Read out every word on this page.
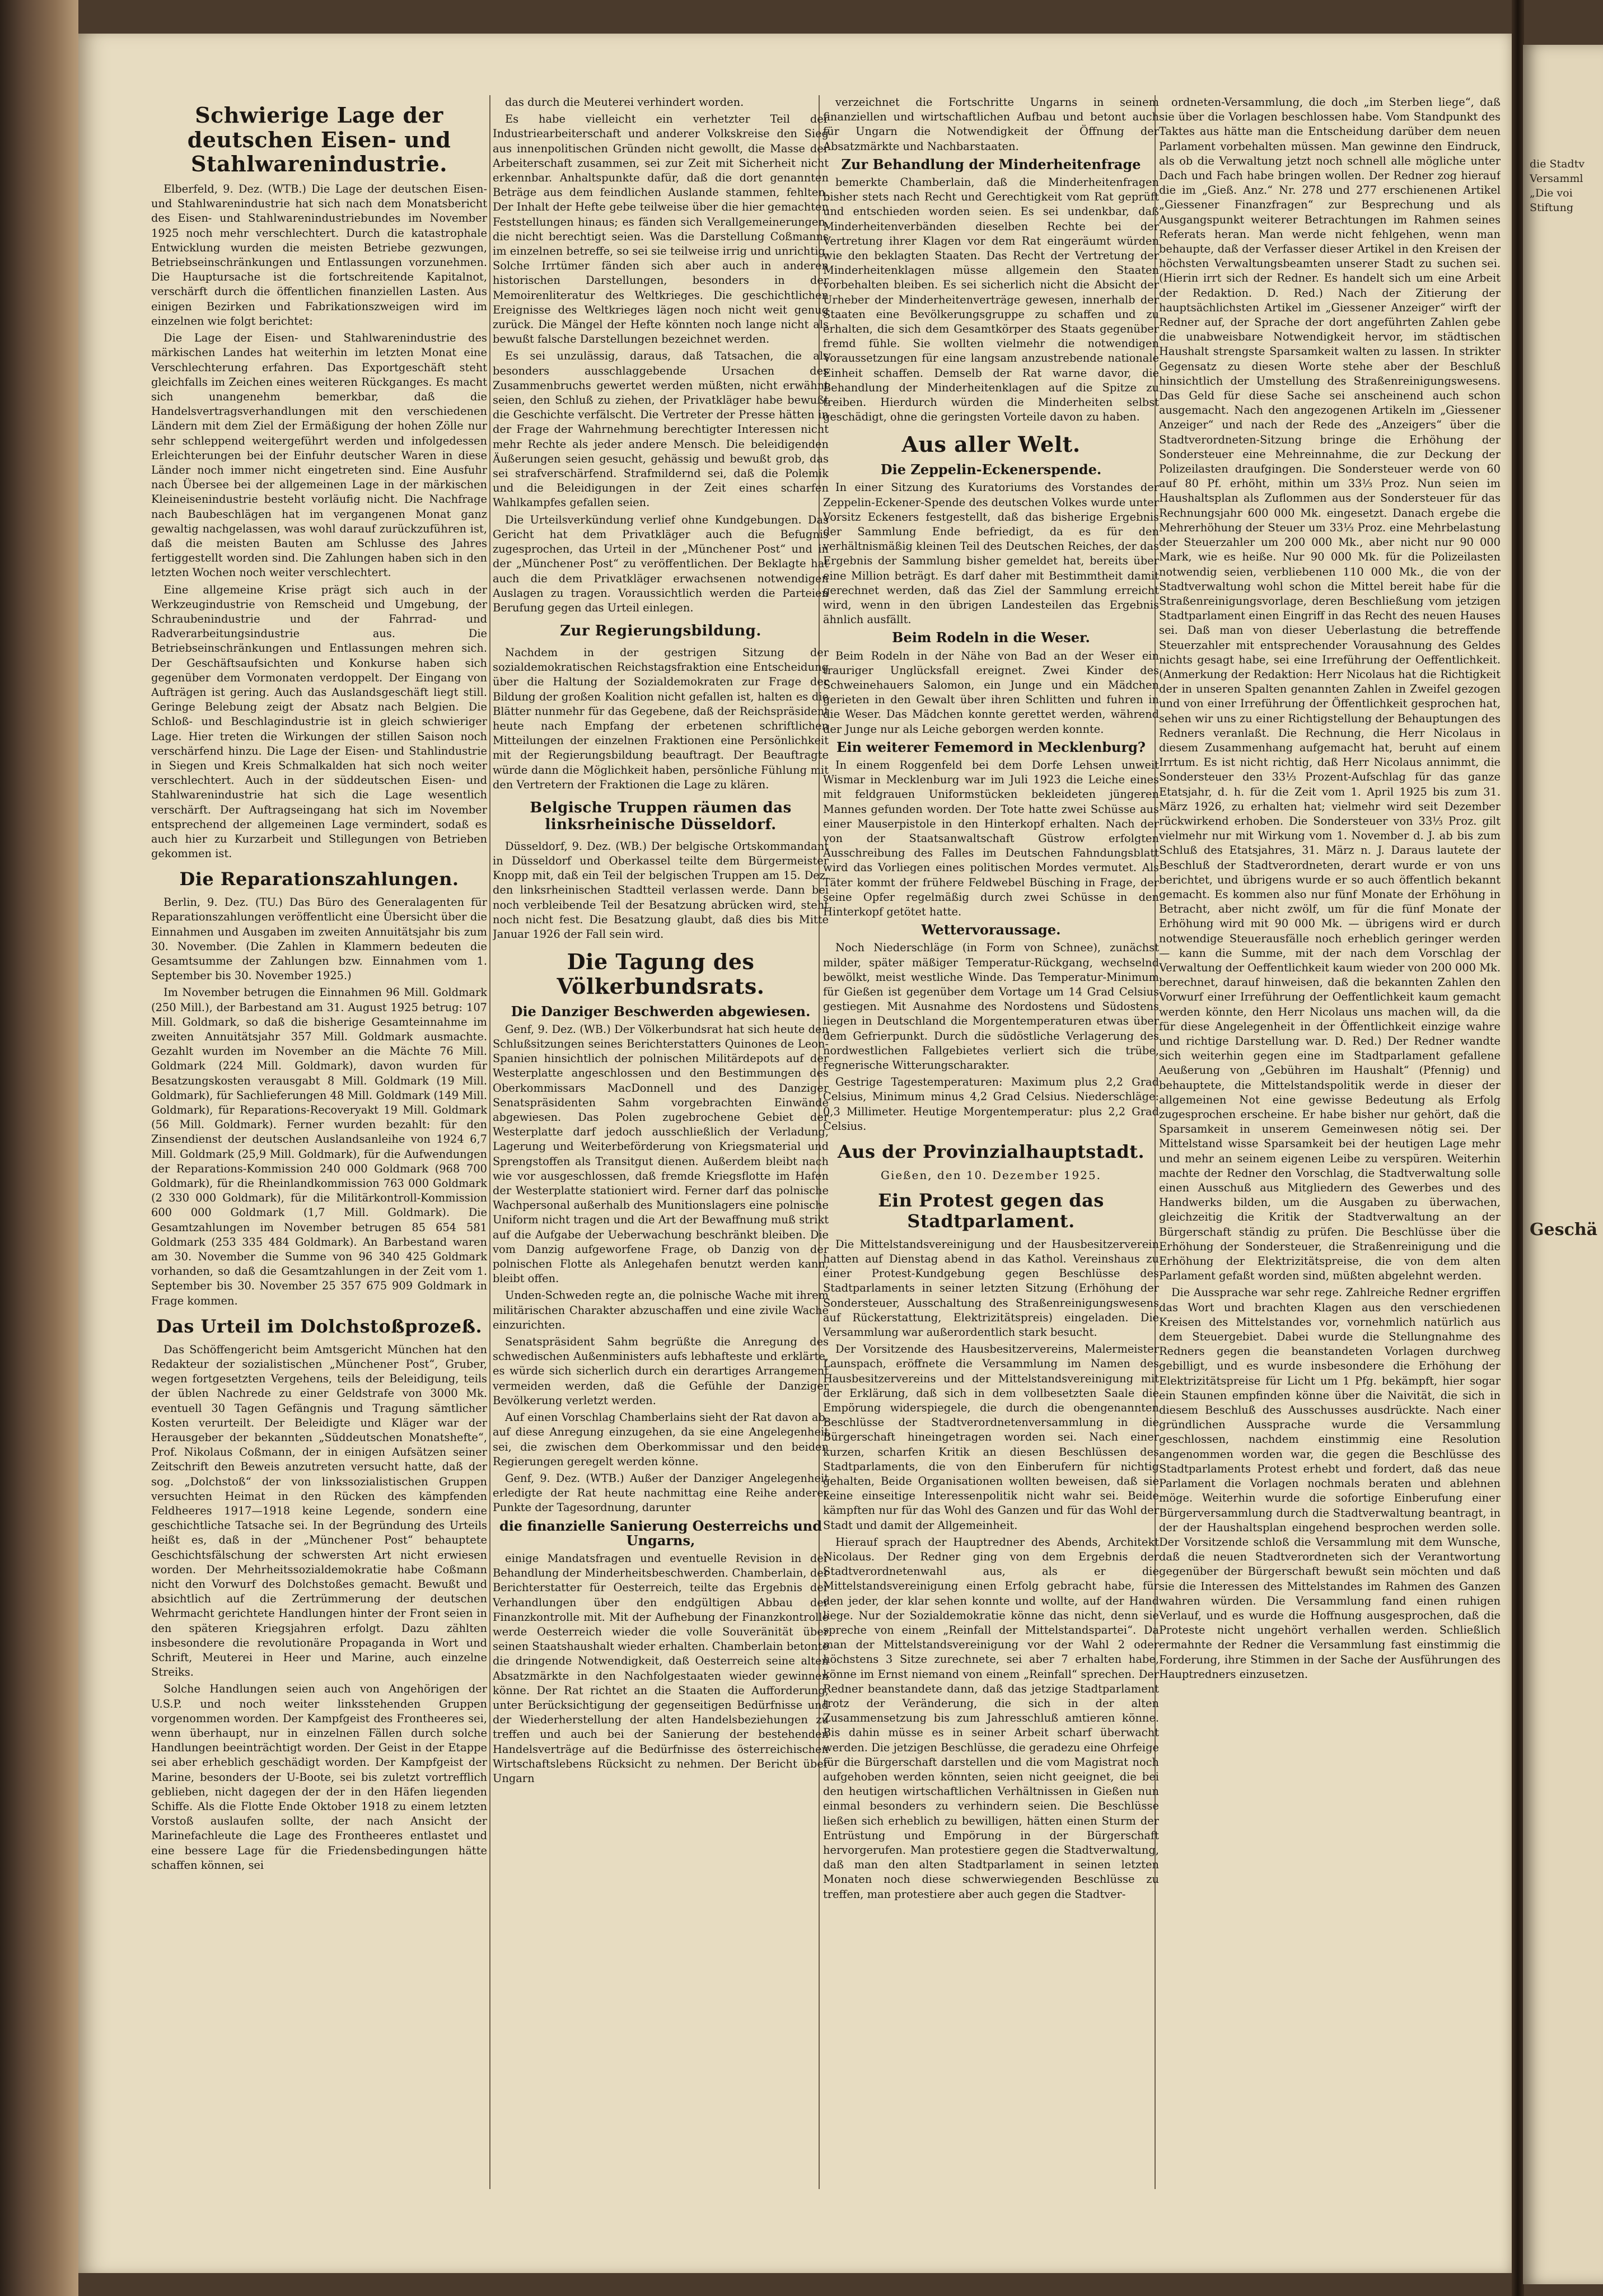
Schwierige Lage der deutschen Eisen- und Stahlwarenindustrie.

Elberfeld, 9. Dez. (WTB.) Die Lage der deutschen Eisen- und Stahlwarenindustrie hat sich nach dem Monatsbericht des Eisen- und Stahlwarenindustriebundes im November 1925 noch mehr verschlechtert. Durch die katastrophale Entwicklung wurden die meisten Betriebe gezwungen, Betriebseinschränkungen und Entlassungen vorzunehmen. Die Hauptursache ist die fortschreitende Kapitalnot, verschärft durch die öffentlichen finanziellen Lasten. Aus einigen Bezirken und Fabrikationszweigen wird im einzelnen wie folgt berichtet:

Die Lage der Eisen- und Stahlwarenindustrie des märkischen Landes hat weiterhin im letzten Monat eine Verschlechterung erfahren. Das Exportgeschäft steht gleichfalls im Zeichen eines weiteren Rückganges. Es macht sich unangenehm bemerkbar, daß die Handelsvertragsverhandlungen mit den verschiedenen Ländern mit dem Ziel der Ermäßigung der hohen Zölle nur sehr schleppend weitergeführt werden und infolgedessen Erleichterungen bei der Einfuhr deutscher Waren in diese Länder noch immer nicht eingetreten sind. Eine Ausfuhr nach Übersee bei der allgemeinen Lage in der märkischen Kleineisenindustrie besteht vorläufig nicht. Die Nachfrage nach Baubeschlägen hat im vergangenen Monat ganz gewaltig nachgelassen, was wohl darauf zurückzuführen ist, daß die meisten Bauten am Schlusse des Jahres fertiggestellt worden sind. Die Zahlungen haben sich in den letzten Wochen noch weiter verschlechtert.

Eine allgemeine Krise prägt sich auch in der Werkzeugindustrie von Remscheid und Umgebung, der Schraubenindustrie und der Fahrrad- und Radverarbeitungsindustrie aus. Die Betriebseinschränkungen und Entlassungen mehren sich. Der Geschäftsaufsichten und Konkurse haben sich gegenüber dem Vormonaten verdoppelt. Der Eingang von Aufträgen ist gering. Auch das Auslandsgeschäft liegt still. Geringe Belebung zeigt der Absatz nach Belgien. Die Schloß- und Beschlagindustrie ist in gleich schwieriger Lage. Hier treten die Wirkungen der stillen Saison noch verschärfend hinzu. Die Lage der Eisen- und Stahlindustrie in Siegen und Kreis Schmalkalden hat sich noch weiter verschlechtert. Auch in der süddeutschen Eisen- und Stahlwarenindustrie hat sich die Lage wesentlich verschärft. Der Auftragseingang hat sich im November entsprechend der allgemeinen Lage vermindert, sodaß es auch hier zu Kurzarbeit und Stillegungen von Betrieben gekommen ist.

Die Reparationszahlungen.

Berlin, 9. Dez. (TU.) Das Büro des Generalagenten für Reparationszahlungen veröffentlicht eine Übersicht über die Einnahmen und Ausgaben im zweiten Annuitätsjahr bis zum 30. November. (Die Zahlen in Klammern bedeuten die Gesamtsumme der Zahlungen bzw. Einnahmen vom 1. September bis 30. November 1925.)

Im November betrugen die Einnahmen 96 Mill. Goldmark (250 Mill.), der Barbestand am 31. August 1925 betrug: 107 Mill. Goldmark, so daß die bisherige Gesamteinnahme im zweiten Annuitätsjahr 357 Mill. Goldmark ausmachte. Gezahlt wurden im November an die Mächte 76 Mill. Goldmark (224 Mill. Goldmark), davon wurden für Besatzungskosten verausgabt 8 Mill. Goldmark (19 Mill. Goldmark), für Sachlieferungen 48 Mill. Goldmark (149 Mill. Goldmark), für Reparations-Recoveryakt 19 Mill. Goldmark (56 Mill. Goldmark). Ferner wurden bezahlt: für den Zinsendienst der deutschen Auslandsanleihe von 1924 6,7 Mill. Goldmark (25,9 Mill. Goldmark), für die Aufwendungen der Reparations-Kommission 240 000 Goldmark (968 700 Goldmark), für die Rheinlandkommission 763 000 Goldmark (2 330 000 Goldmark), für die Militärkontroll-Kommission 600 000 Goldmark (1,7 Mill. Goldmark). Die Gesamtzahlungen im November betrugen 85 654 581 Goldmark (253 335 484 Goldmark). An Barbestand waren am 30. November die Summe von 96 340 425 Goldmark vorhanden, so daß die Gesamtzahlungen in der Zeit vom 1. September bis 30. November 25 357 675 909 Goldmark in Frage kommen.

Das Urteil im Dolchstoßprozeß.

Das Schöffengericht beim Amtsgericht München hat den Redakteur der sozialistischen „Münchener Post“, Gruber, wegen fortgesetzten Vergehens, teils der Beleidigung, teils der üblen Nachrede zu einer Geldstrafe von 3000 Mk. eventuell 30 Tagen Gefängnis und Tragung sämtlicher Kosten verurteilt. Der Beleidigte und Kläger war der Herausgeber der bekannten „Süddeutschen Monatshefte“, Prof. Nikolaus Coßmann, der in einigen Aufsätzen seiner Zeitschrift den Beweis anzutreten versucht hatte, daß der sog. „Dolchstoß“ der von linkssozialistischen Gruppen versuchten Heimat in den Rücken des kämpfenden Feldheeres 1917—1918 keine Legende, sondern eine geschichtliche Tatsache sei. In der Begründung des Urteils heißt es, daß in der „Münchener Post“ behauptete Geschichtsfälschung der schwersten Art nicht erwiesen worden. Der Mehrheitssozialdemokratie habe Coßmann nicht den Vorwurf des Dolchstoßes gemacht. Bewußt und absichtlich auf die Zertrümmerung der deutschen Wehrmacht gerichtete Handlungen hinter der Front seien in den späteren Kriegsjahren erfolgt. Dazu zählten insbesondere die revolutionäre Propaganda in Wort und Schrift, Meuterei in Heer und Marine, auch einzelne Streiks.

Solche Handlungen seien auch von Angehörigen der U.S.P. und noch weiter linksstehenden Gruppen vorgenommen worden. Der Kampfgeist des Frontheeres sei, wenn überhaupt, nur in einzelnen Fällen durch solche Handlungen beeinträchtigt worden. Der Geist in der Etappe sei aber erheblich geschädigt worden. Der Kampfgeist der Marine, besonders der U-Boote, sei bis zuletzt vortrefflich geblieben, nicht dagegen der der in den Häfen liegenden Schiffe. Als die Flotte Ende Oktober 1918 zu einem letzten Vorstoß auslaufen sollte, der nach Ansicht der Marinefachleute die Lage des Frontheeres entlastet und eine bessere Lage für die Friedensbedingungen hätte schaffen können, sei

das durch die Meuterei verhindert worden.

Es habe vielleicht ein verhetzter Teil der Industriearbeiterschaft und anderer Volkskreise den Sieg aus innenpolitischen Gründen nicht gewollt, die Masse der Arbeiterschaft zusammen, sei zur Zeit mit Sicherheit nicht erkennbar. Anhaltspunkte dafür, daß die dort genannten Beträge aus dem feindlichen Auslande stammen, fehlten. Der Inhalt der Hefte gebe teilweise über die hier gemachten Feststellungen hinaus; es fänden sich Verallgemeinerungen, die nicht berechtigt seien. Was die Darstellung Coßmanns im einzelnen betreffe, so sei sie teilweise irrig und unrichtig. Solche Irrtümer fänden sich aber auch in anderen historischen Darstellungen, besonders in der Memoirenliteratur des Weltkrieges. Die geschichtlichen Ereignisse des Weltkrieges lägen noch nicht weit genug zurück. Die Mängel der Hefte könnten noch lange nicht als bewußt falsche Darstellungen bezeichnet werden.

Es sei unzulässig, daraus, daß Tatsachen, die als besonders ausschlaggebende Ursachen des Zusammenbruchs gewertet werden müßten, nicht erwähnt seien, den Schluß zu ziehen, der Privatkläger habe bewußt die Geschichte verfälscht. Die Vertreter der Presse hätten in der Frage der Wahrnehmung berechtigter Interessen nicht mehr Rechte als jeder andere Mensch. Die beleidigenden Äußerungen seien gesucht, gehässig und bewußt grob, das sei strafverschärfend. Strafmildernd sei, daß die Polemik und die Beleidigungen in der Zeit eines scharfen Wahlkampfes gefallen seien.

Die Urteilsverkündung verlief ohne Kundgebungen. Das Gericht hat dem Privatkläger auch die Befugnis zugesprochen, das Urteil in der „Münchener Post“ und in der „Münchener Post“ zu veröffentlichen. Der Beklagte hat auch die dem Privatkläger erwachsenen notwendigen Auslagen zu tragen. Voraussichtlich werden die Parteien Berufung gegen das Urteil einlegen.

Zur Regierungsbildung.

Nachdem in der gestrigen Sitzung der sozialdemokratischen Reichstagsfraktion eine Entscheidung über die Haltung der Sozialdemokraten zur Frage der Bildung der großen Koalition nicht gefallen ist, halten es die Blätter nunmehr für das Gegebene, daß der Reichspräsident heute nach Empfang der erbetenen schriftlichen Mitteilungen der einzelnen Fraktionen eine Persönlichkeit mit der Regierungsbildung beauftragt. Der Beauftragte würde dann die Möglichkeit haben, persönliche Fühlung mit den Vertretern der Fraktionen die Lage zu klären.

Belgische Truppen räumen das linksrheinische Düsseldorf.

Düsseldorf, 9. Dez. (WB.) Der belgische Ortskommandant in Düsseldorf und Oberkassel teilte dem Bürgermeister Knopp mit, daß ein Teil der belgischen Truppen am 15. Dez. den linksrheinischen Stadtteil verlassen werde. Dann bei noch verbleibende Teil der Besatzung abrücken wird, steht noch nicht fest. Die Besatzung glaubt, daß dies bis Mitte Januar 1926 der Fall sein wird.

Die Tagung des Völkerbundsrats.
Die Danziger Beschwerden abgewiesen.

Genf, 9. Dez. (WB.) Der Völkerbundsrat hat sich heute den Schlußsitzungen seines Berichterstatters Quinones de Leon-Spanien hinsichtlich der polnischen Militärdepots auf der Westerplatte angeschlossen und den Bestimmungen des Oberkommissars MacDonnell und des Danziger Senatspräsidenten Sahm vorgebrachten Einwände abgewiesen. Das Polen zugebrochene Gebiet der Westerplatte darf jedoch ausschließlich der Verladung, Lagerung und Weiterbeförderung von Kriegsmaterial und Sprengstoffen als Transitgut dienen. Außerdem bleibt nach wie vor ausgeschlossen, daß fremde Kriegsflotte im Hafen der Westerplatte stationiert wird. Ferner darf das polnische Wachpersonal außerhalb des Munitionslagers eine polnische Uniform nicht tragen und die Art der Bewaffnung muß strikt auf die Aufgabe der Ueberwachung beschränkt bleiben. Die vom Danzig aufgeworfene Frage, ob Danzig von der polnischen Flotte als Anlegehafen benutzt werden kann, bleibt offen.

Unden-Schweden regte an, die polnische Wache mit ihrem militärischen Charakter abzuschaffen und eine zivile Wache einzurichten.

Senatspräsident Sahm begrüßte die Anregung des schwedischen Außenministers aufs lebhafteste und erklärte, es würde sich sicherlich durch ein derartiges Arrangement vermeiden werden, daß die Gefühle der Danziger Bevölkerung verletzt werden.

Auf einen Vorschlag Chamberlains sieht der Rat davon ab, auf diese Anregung einzugehen, da sie eine Angelegenheit sei, die zwischen dem Oberkommissar und den beiden Regierungen geregelt werden könne.

Genf, 9. Dez. (WTB.) Außer der Danziger Angelegenheit erledigte der Rat heute nachmittag eine Reihe anderer Punkte der Tagesordnung, darunter

die finanzielle Sanierung Oesterreichs und Ungarns,

einige Mandatsfragen und eventuelle Revision in der Behandlung der Minderheitsbeschwerden. Chamberlain, der Berichterstatter für Oesterreich, teilte das Ergebnis der Verhandlungen über den endgültigen Abbau der Finanzkontrolle mit. Mit der Aufhebung der Finanzkontrolle werde Oesterreich wieder die volle Souveränität über seinen Staatshaushalt wieder erhalten. Chamberlain betonte die dringende Notwendigkeit, daß Oesterreich seine alten Absatzmärkte in den Nachfolgestaaten wieder gewinnen könne. Der Rat richtet an die Staaten die Aufforderung, unter Berücksichtigung der gegenseitigen Bedürfnisse und der Wiederherstellung der alten Handelsbeziehungen zu treffen und auch bei der Sanierung der bestehenden Handelsverträge auf die Bedürfnisse des österreichischen Wirtschaftslebens Rücksicht zu nehmen. Der Bericht über Ungarn

verzeichnet die Fortschritte Ungarns in seinem finanziellen und wirtschaftlichen Aufbau und betont auch für Ungarn die Notwendigkeit der Öffnung der Absatzmärkte und Nachbarstaaten.

Zur Behandlung der Minderheitenfrage

bemerkte Chamberlain, daß die Minderheitenfragen bisher stets nach Recht und Gerechtigkeit vom Rat geprüft und entschieden worden seien. Es sei undenkbar, daß Minderheitenverbänden dieselben Rechte bei der Vertretung ihrer Klagen vor dem Rat eingeräumt würden wie den beklagten Staaten. Das Recht der Vertretung der Minderheitenklagen müsse allgemein den Staaten vorbehalten bleiben. Es sei sicherlich nicht die Absicht der Urheber der Minderheitenverträge gewesen, innerhalb der Staaten eine Bevölkerungsgruppe zu schaffen und zu erhalten, die sich dem Gesamtkörper des Staats gegenüber fremd fühle. Sie wollten vielmehr die notwendigen Voraussetzungen für eine langsam anzustrebende nationale Einheit schaffen. Demselb der Rat warne davor, die Behandlung der Minderheitenklagen auf die Spitze zu treiben. Hierdurch würden die Minderheiten selbst geschädigt, ohne die geringsten Vorteile davon zu haben.

Aus aller Welt.
Die Zeppelin-Eckenerspende.

In einer Sitzung des Kuratoriums des Vorstandes der Zeppelin-Eckener-Spende des deutschen Volkes wurde unter Vorsitz Eckeners festgestellt, daß das bisherige Ergebnis der Sammlung Ende befriedigt, da es für den verhältnismäßig kleinen Teil des Deutschen Reiches, der das Ergebnis der Sammlung bisher gemeldet hat, bereits über eine Million beträgt. Es darf daher mit Bestimmtheit damit gerechnet werden, daß das Ziel der Sammlung erreicht wird, wenn in den übrigen Landesteilen das Ergebnis ähnlich ausfällt.

Beim Rodeln in die Weser.

Beim Rodeln in der Nähe von Bad an der Weser ein trauriger Unglücksfall ereignet. Zwei Kinder des Schweinehauers Salomon, ein Junge und ein Mädchen gerieten in den Gewalt über ihren Schlitten und fuhren in die Weser. Das Mädchen konnte gerettet werden, während der Junge nur als Leiche geborgen werden konnte.

Ein weiterer Fememord in Mecklenburg?

In einem Roggenfeld bei dem Dorfe Lehsen unweit Wismar in Mecklenburg war im Juli 1923 die Leiche eines mit feldgrauen Uniformstücken bekleideten jüngeren Mannes gefunden worden. Der Tote hatte zwei Schüsse aus einer Mauserpistole in den Hinterkopf erhalten. Nach der von der Staatsanwaltschaft Güstrow erfolgten Ausschreibung des Falles im Deutschen Fahndungsblatt wird das Vorliegen eines politischen Mordes vermutet. Als Täter kommt der frühere Feldwebel Büsching in Frage, der seine Opfer regelmäßig durch zwei Schüsse in den Hinterkopf getötet hatte.

Wettervoraussage.

Noch Niederschläge (in Form von Schnee), zunächst milder, später mäßiger Temperatur-Rückgang, wechselnd bewölkt, meist westliche Winde. Das Temperatur-Minimum für Gießen ist gegenüber dem Vortage um 14 Grad Celsius gestiegen. Mit Ausnahme des Nordostens und Südostens liegen in Deutschland die Morgentemperaturen etwas über dem Gefrierpunkt. Durch die südöstliche Verlagerung des nordwestlichen Fallgebietes verliert sich die trübe, regnerische Witterungscharakter.

Gestrige Tagestemperaturen: Maximum plus 2,2 Grad Celsius, Minimum minus 4,2 Grad Celsius. Niederschläge: 0,3 Millimeter. Heutige Morgentemperatur: plus 2,2 Grad Celsius.

Aus der Provinzialhauptstadt.
Gießen, den 10. Dezember 1925.
Ein Protest gegen das Stadtparlament.

Die Mittelstandsvereinigung und der Hausbesitzerverein hatten auf Dienstag abend in das Kathol. Vereinshaus zu einer Protest-Kundgebung gegen Beschlüsse des Stadtparlaments in seiner letzten Sitzung (Erhöhung der Sondersteuer, Ausschaltung des Straßenreinigungswesens auf Rückerstattung, Elektrizitätspreis) eingeladen. Die Versammlung war außerordentlich stark besucht.

Der Vorsitzende des Hausbesitzervereins, Malermeister Launspach, eröffnete die Versammlung im Namen des Hausbesitzervereins und der Mittelstandsvereinigung mit der Erklärung, daß sich in dem vollbesetzten Saale die Empörung widerspiegele, die durch die obengenannten Beschlüsse der Stadtverordnetenversammlung in die Bürgerschaft hineingetragen worden sei. Nach einer kurzen, scharfen Kritik an diesen Beschlüssen des Stadtparlaments, die von den Einberufern für nichtig gehalten, Beide Organisationen wollten beweisen, daß sie keine einseitige Interessenpolitik nicht wahr sei. Beide kämpften nur für das Wohl des Ganzen und für das Wohl der Stadt und damit der Allgemeinheit.

Hierauf sprach der Hauptredner des Abends, Architekt Nicolaus. Der Redner ging von dem Ergebnis der Stadtverordnetenwahl aus, als er die Mittelstandsvereinigung einen Erfolg gebracht habe, für den jeder, der klar sehen konnte und wollte, auf der Hand liege. Nur der Sozialdemokratie könne das nicht, denn sie spreche von einem „Reinfall der Mittelstandspartei“. Da man der Mittelstandsvereinigung vor der Wahl 2 oder höchstens 3 Sitze zurechnete, sei aber 7 erhalten habe, könne im Ernst niemand von einem „Reinfall“ sprechen. Der Redner beanstandete dann, daß das jetzige Stadtparlament trotz der Veränderung, die sich in der alten Zusammensetzung bis zum Jahresschluß amtieren könne. Bis dahin müsse es in seiner Arbeit scharf überwacht werden. Die jetzigen Beschlüsse, die geradezu eine Ohrfeige für die Bürgerschaft darstellen und die vom Magistrat noch aufgehoben werden könnten, seien nicht geeignet, die bei den heutigen wirtschaftlichen Verhältnissen in Gießen nun einmal besonders zu verhindern seien. Die Beschlüsse ließen sich erheblich zu bewilligen, hätten einen Sturm der Entrüstung und Empörung in der Bürgerschaft hervorgerufen. Man protestiere gegen die Stadtverwaltung, daß man den alten Stadtparlament in seinen letzten Monaten noch diese schwerwiegenden Beschlüsse zu treffen, man protestiere aber auch gegen die Stadtver-

ordneten-Versammlung, die doch „im Sterben liege“, daß sie über die Vorlagen beschlossen habe. Vom Standpunkt des Taktes aus hätte man die Entscheidung darüber dem neuen Parlament vorbehalten müssen. Man gewinne den Eindruck, als ob die Verwaltung jetzt noch schnell alle mögliche unter Dach und Fach habe bringen wollen. Der Redner zog hierauf die im „Gieß. Anz.“ Nr. 278 und 277 erschienenen Artikel „Giessener Finanzfragen“ zur Besprechung und als Ausgangspunkt weiterer Betrachtungen im Rahmen seines Referats heran. Man werde nicht fehlgehen, wenn man behaupte, daß der Verfasser dieser Artikel in den Kreisen der höchsten Verwaltungsbeamten unserer Stadt zu suchen sei. (Hierin irrt sich der Redner. Es handelt sich um eine Arbeit der Redaktion. D. Red.) Nach der Zitierung der hauptsächlichsten Artikel im „Giessener Anzeiger“ wirft der Redner auf, der Sprache der dort angeführten Zahlen gebe die unabweisbare Notwendigkeit hervor, im städtischen Haushalt strengste Sparsamkeit walten zu lassen. In strikter Gegensatz zu diesen Worte stehe aber der Beschluß hinsichtlich der Umstellung des Straßenreinigungswesens. Das Geld für diese Sache sei anscheinend auch schon ausgemacht. Nach den angezogenen Artikeln im „Giessener Anzeiger“ und nach der Rede des „Anzeigers“ über die Stadtverordneten-Sitzung bringe die Erhöhung der Sondersteuer eine Mehreinnahme, die zur Deckung der Polizeilasten draufgingen. Die Sondersteuer werde von 60 auf 80 Pf. erhöht, mithin um 33⅓ Proz. Nun seien im Haushaltsplan als Zuflommen aus der Sondersteuer für das Rechnungsjahr 600 000 Mk. eingesetzt. Danach ergebe die Mehrerhöhung der Steuer um 33⅓ Proz. eine Mehrbelastung der Steuerzahler um 200 000 Mk., aber nicht nur 90 000 Mark, wie es heiße. Nur 90 000 Mk. für die Polizeilasten notwendig seien, verbliebenen 110 000 Mk., die von der Stadtverwaltung wohl schon die Mittel bereit habe für die Straßenreinigungsvorlage, deren Beschließung vom jetzigen Stadtparlament einen Eingriff in das Recht des neuen Hauses sei. Daß man von dieser Ueberlastung die betreffende Steuerzahler mit entsprechender Vorausahnung des Geldes nichts gesagt habe, sei eine Irreführung der Oeffentlichkeit. (Anmerkung der Redaktion: Herr Nicolaus hat die Richtigkeit der in unseren Spalten genannten Zahlen in Zweifel gezogen und von einer Irreführung der Öffentlichkeit gesprochen hat, sehen wir uns zu einer Richtigstellung der Behauptungen des Redners veranlaßt. Die Rechnung, die Herr Nicolaus in diesem Zusammenhang aufgemacht hat, beruht auf einem Irrtum. Es ist nicht richtig, daß Herr Nicolaus annimmt, die Sondersteuer den 33⅓ Prozent-Aufschlag für das ganze Etatsjahr, d. h. für die Zeit vom 1. April 1925 bis zum 31. März 1926, zu erhalten hat; vielmehr wird seit Dezember rückwirkend erhoben. Die Sondersteuer von 33⅓ Proz. gilt vielmehr nur mit Wirkung vom 1. November d. J. ab bis zum Schluß des Etatsjahres, 31. März n. J. Daraus lautete der Beschluß der Stadtverordneten, derart wurde er von uns berichtet, und übrigens wurde er so auch öffentlich bekannt gemacht. Es kommen also nur fünf Monate der Erhöhung in Betracht, aber nicht zwölf, um für die fünf Monate der Erhöhung wird mit 90 000 Mk. — übrigens wird er durch notwendige Steuerausfälle noch erheblich geringer werden — kann die Summe, mit der nach dem Vorschlag der Verwaltung der Oeffentlichkeit kaum wieder von 200 000 Mk. berechnet, darauf hinweisen, daß die bekannten Zahlen den Vorwurf einer Irreführung der Oeffentlichkeit kaum gemacht werden könnte, den Herr Nicolaus uns machen will, da die für diese Angelegenheit in der Öffentlichkeit einzige wahre und richtige Darstellung war. D. Red.) Der Redner wandte sich weiterhin gegen eine im Stadtparlament gefallene Aeußerung von „Gebühren im Haushalt“ (Pfennig) und behauptete, die Mittelstandspolitik werde in dieser der allgemeinen Not eine gewisse Bedeutung als Erfolg zugesprochen erscheine. Er habe bisher nur gehört, daß die Sparsamkeit in unserem Gemeinwesen nötig sei. Der Mittelstand wisse Sparsamkeit bei der heutigen Lage mehr und mehr an seinem eigenen Leibe zu verspüren. Weiterhin machte der Redner den Vorschlag, die Stadtverwaltung solle einen Ausschuß aus Mitgliedern des Gewerbes und des Handwerks bilden, um die Ausgaben zu überwachen, gleichzeitig die Kritik der Stadtverwaltung an der Bürgerschaft ständig zu prüfen. Die Beschlüsse über die Erhöhung der Sondersteuer, die Straßenreinigung und die Erhöhung der Elektrizitätspreise, die von dem alten Parlament gefaßt worden sind, müßten abgelehnt werden.

Die Aussprache war sehr rege. Zahlreiche Redner ergriffen das Wort und brachten Klagen aus den verschiedenen Kreisen des Mittelstandes vor, vornehmlich natürlich aus dem Steuergebiet. Dabei wurde die Stellungnahme des Redners gegen die beanstandeten Vorlagen durchweg gebilligt, und es wurde insbesondere die Erhöhung der Elektrizitätspreise für Licht um 1 Pfg. bekämpft, hier sogar ein Staunen empfinden könne über die Naivität, die sich in diesem Beschluß des Ausschusses ausdrückte. Nach einer gründlichen Aussprache wurde die Versammlung geschlossen, nachdem einstimmig eine Resolution angenommen worden war, die gegen die Beschlüsse des Stadtparlaments Protest erhebt und fordert, daß das neue Parlament die Vorlagen nochmals beraten und ablehnen möge. Weiterhin wurde die sofortige Einberufung einer Bürgerversammlung durch die Stadtverwaltung beantragt, in der der Haushaltsplan eingehend besprochen werden solle. Der Vorsitzende schloß die Versammlung mit dem Wunsche, daß die neuen Stadtverordneten sich der Verantwortung gegenüber der Bürgerschaft bewußt sein möchten und daß sie die Interessen des Mittelstandes im Rahmen des Ganzen wahren würden. Die Versammlung fand einen ruhigen Verlauf, und es wurde die Hoffnung ausgesprochen, daß die Proteste nicht ungehört verhallen werden. Schließlich ermahnte der Redner die Versammlung fast einstimmig die Forderung, ihre Stimmen in der Sache der Ausführungen des Hauptredners einzusetzen.

die Stadtv
Versamml
„Die voi
Stiftung
Geschä
